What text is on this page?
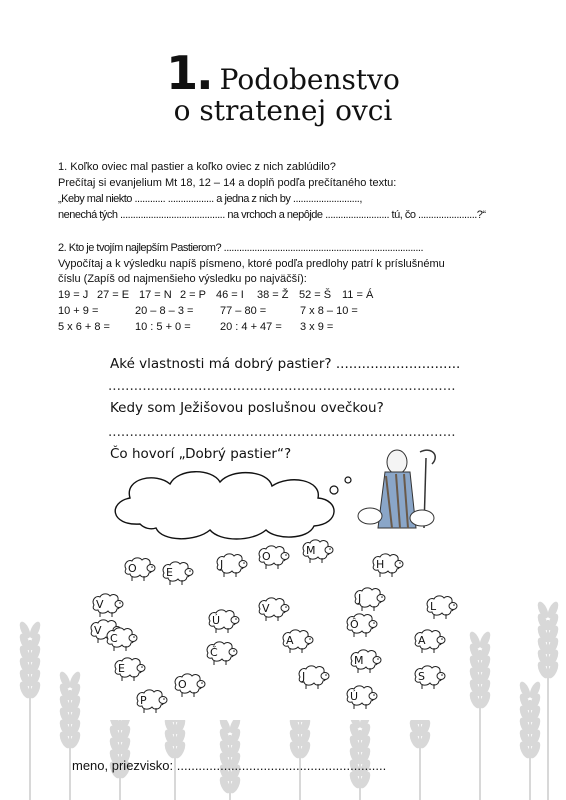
1. Podobenstvo
o stratenej ovci
1. Koľko oviec mal pastier a koľko oviec z nich zablúdilo?
Prečítaj si evanjelium Mt 18, 12 – 14 a doplň podľa prečítaného textu:
„Keby mal niekto ............ .................. a jedna z nich by ..........................,
nenechá tých ......................................... na vrchoch a nepôjde ......................... tú, čo .......................?“
2. Kto je tvojím najlepším Pastierom? ..............................................................................
Vypočítaj a k výsledku napíš písmeno, ktoré podľa predlohy patrí k príslušnému
číslu (Zapíš od najmenšieho výsledku po najväčší):
19 = J 27 = E 17 = N 2 = P 46 = I 38 = Ž 52 = Š 11 = Á
10 + 9 =	20 – 8 – 3 = 77 – 80 =	7 x 8 – 10 =
5 x 6 + 8 = 10 : 5 + 0 =	20 : 4 + 47 = 3 x 9 =
Aké vlastnosti má dobrý pastier? .............................
.................................................................................
Kedy som Ježišovou poslušnou ovečkou?
.................................................................................
Čo hovorí „Dobrý pastier“?
O	E
J
O	M
H
V	J
L
V
Ú
V	Ô
C	A
A
Č
M
E
J	S
O
P	Ú
meno, priezvisko: ..........................................................
